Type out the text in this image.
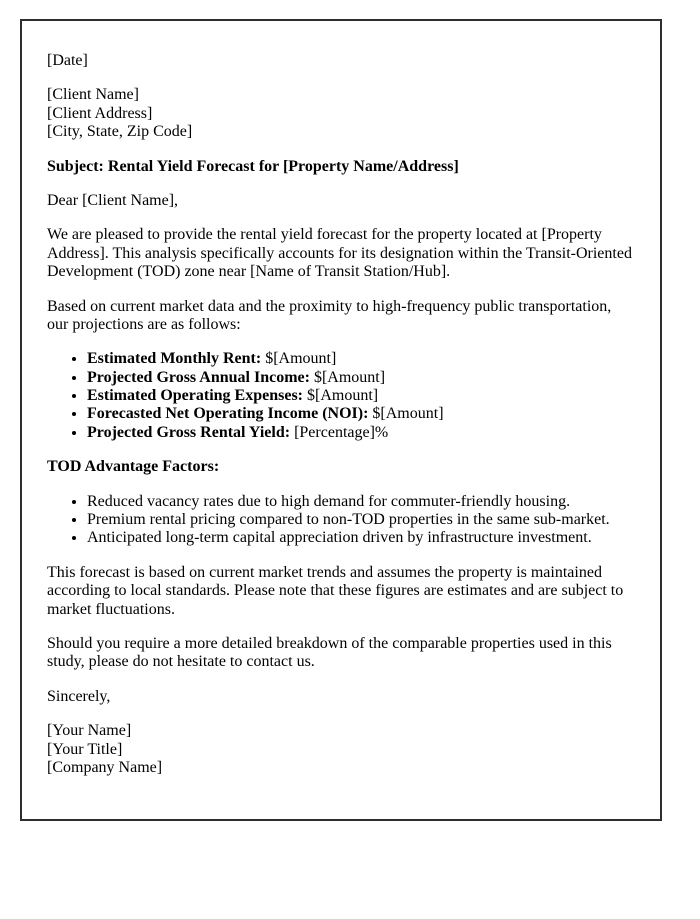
[Date]

[Client Name]
[Client Address]
[City, State, Zip Code]

Subject: Rental Yield Forecast for [Property Name/Address]

Dear [Client Name],

We are pleased to provide the rental yield forecast for the property located at [Property Address]. This analysis specifically accounts for its designation within the Transit-Oriented Development (TOD) zone near [Name of Transit Station/Hub].

Based on current market data and the proximity to high-frequency public transportation, our projections are as follows:

• Estimated Monthly Rent: $[Amount]
• Projected Gross Annual Income: $[Amount]
• Estimated Operating Expenses: $[Amount]
• Forecasted Net Operating Income (NOI): $[Amount]
• Projected Gross Rental Yield: [Percentage]%

TOD Advantage Factors:

• Reduced vacancy rates due to high demand for commuter-friendly housing.
• Premium rental pricing compared to non-TOD properties in the same sub-market.
• Anticipated long-term capital appreciation driven by infrastructure investment.

This forecast is based on current market trends and assumes the property is maintained according to local standards. Please note that these figures are estimates and are subject to market fluctuations.

Should you require a more detailed breakdown of the comparable properties used in this study, please do not hesitate to contact us.

Sincerely,

[Your Name]
[Your Title]
[Company Name]
